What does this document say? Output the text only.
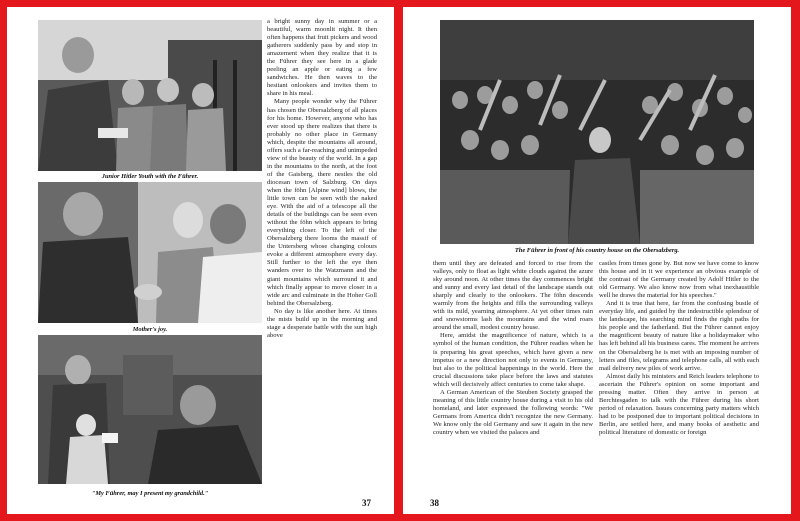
Junior Hitler Youth with the Führer.
Mother's joy.
"My Führer, may I present my grandchild."

a bright sunny day in summer or a beautiful, warm moonlit night. It then often happens that fruit pickers and wood gatherers suddenly pass by and stop in amazement when they realize that it is the Führer they see here in a glade peeling an apple or eating a few sandwiches. He then waves to the hesitant onlookers and invites them to share in his meal.

Many people wonder why the Führer has chosen the Obersalzberg of all places for his home. However, anyone who has ever stood up there realizes that there is probably no other place in Germany which, despite the mountains all around, offers such a far-reaching and unimpeded view of the beauty of the world. In a gap in the mountains to the north, at the foot of the Gaisberg, there nestles the old diocesan town of Salzburg. On days when the föhn [Alpine wind] blows, the little town can be seen with the naked eye. With the aid of a telescope all the details of the buildings can be seen even without the föhn which appears to bring everything closer. To the left of the Obersalzberg there looms the massif of the Untersberg whose changing colours evoke a different atmosphere every day. Still further to the left the eye then wanders over to the Watzmann and the giant mountains which surround it and which finally appear to move closer in a wide arc and culminate in the Hoher Goll behind the Obersalzberg.

No day is like another here. At times the mists build up in the morning and stage a desperate battle with the sun high above

37
The Führer in front of his country house on the Obersalzberg.

them until they are defeated and forced to rise from the valleys, only to float as light white clouds against the azure sky around noon. At other times the day commences bright and sunny and every last detail of the landscape stands out sharply and clearly to the onlookers. The föhn descends warmly from the heights and fills the surrounding valleys with its mild, yearning atmosphere. At yet other times rain and snowstorms lash the mountains and the wind roars around the small, modest country house.

Here, amidst the magnificence of nature, which is a symbol of the human condition, the Führer readies when he is preparing his great speeches, which have given a new impetus or a new direction not only to events in Germany, but also to the political happenings in the world. Here the crucial discussions take place before the laws and statutes which will decisively affect centuries to come take shape.

A German American of the Steuben Society grasped the meaning of this little country house during a visit to his old homeland, and later expressed the following words: "We Germans from America didn't recognize the new Germany. We know only the old Germany and saw it again in the new country when we visited the palaces and

castles from times gone by. But now we have come to know this house and in it we experience an obvious example of the contrast of the Germany created by Adolf Hitler to the old Germany. We also know now from what inexhaustible well he draws the material for his speeches."

And it is true that here, far from the confusing bustle of everyday life, and guided by the indestructible splendour of the landscape, his searching mind finds the right paths for his people and the fatherland. But the Führer cannot enjoy the magnificent beauty of nature like a holidaymaker who has left behind all his business cares. The moment he arrives on the Obersalzberg he is met with an imposing number of letters and files, telegrams and telephone calls, all with each mail delivery new piles of work arrive.

Almost daily his ministers and Reich leaders telephone to ascertain the Führer's opinion on some important and pressing matter. Often they arrive in person at Berchtesgaden to talk with the Führer during his short period of relaxation. Issues concerning party matters which had to be postponed due to important political decisions in Berlin, are settled here, and many books of aesthetic and political literature of domestic or foreign

38
